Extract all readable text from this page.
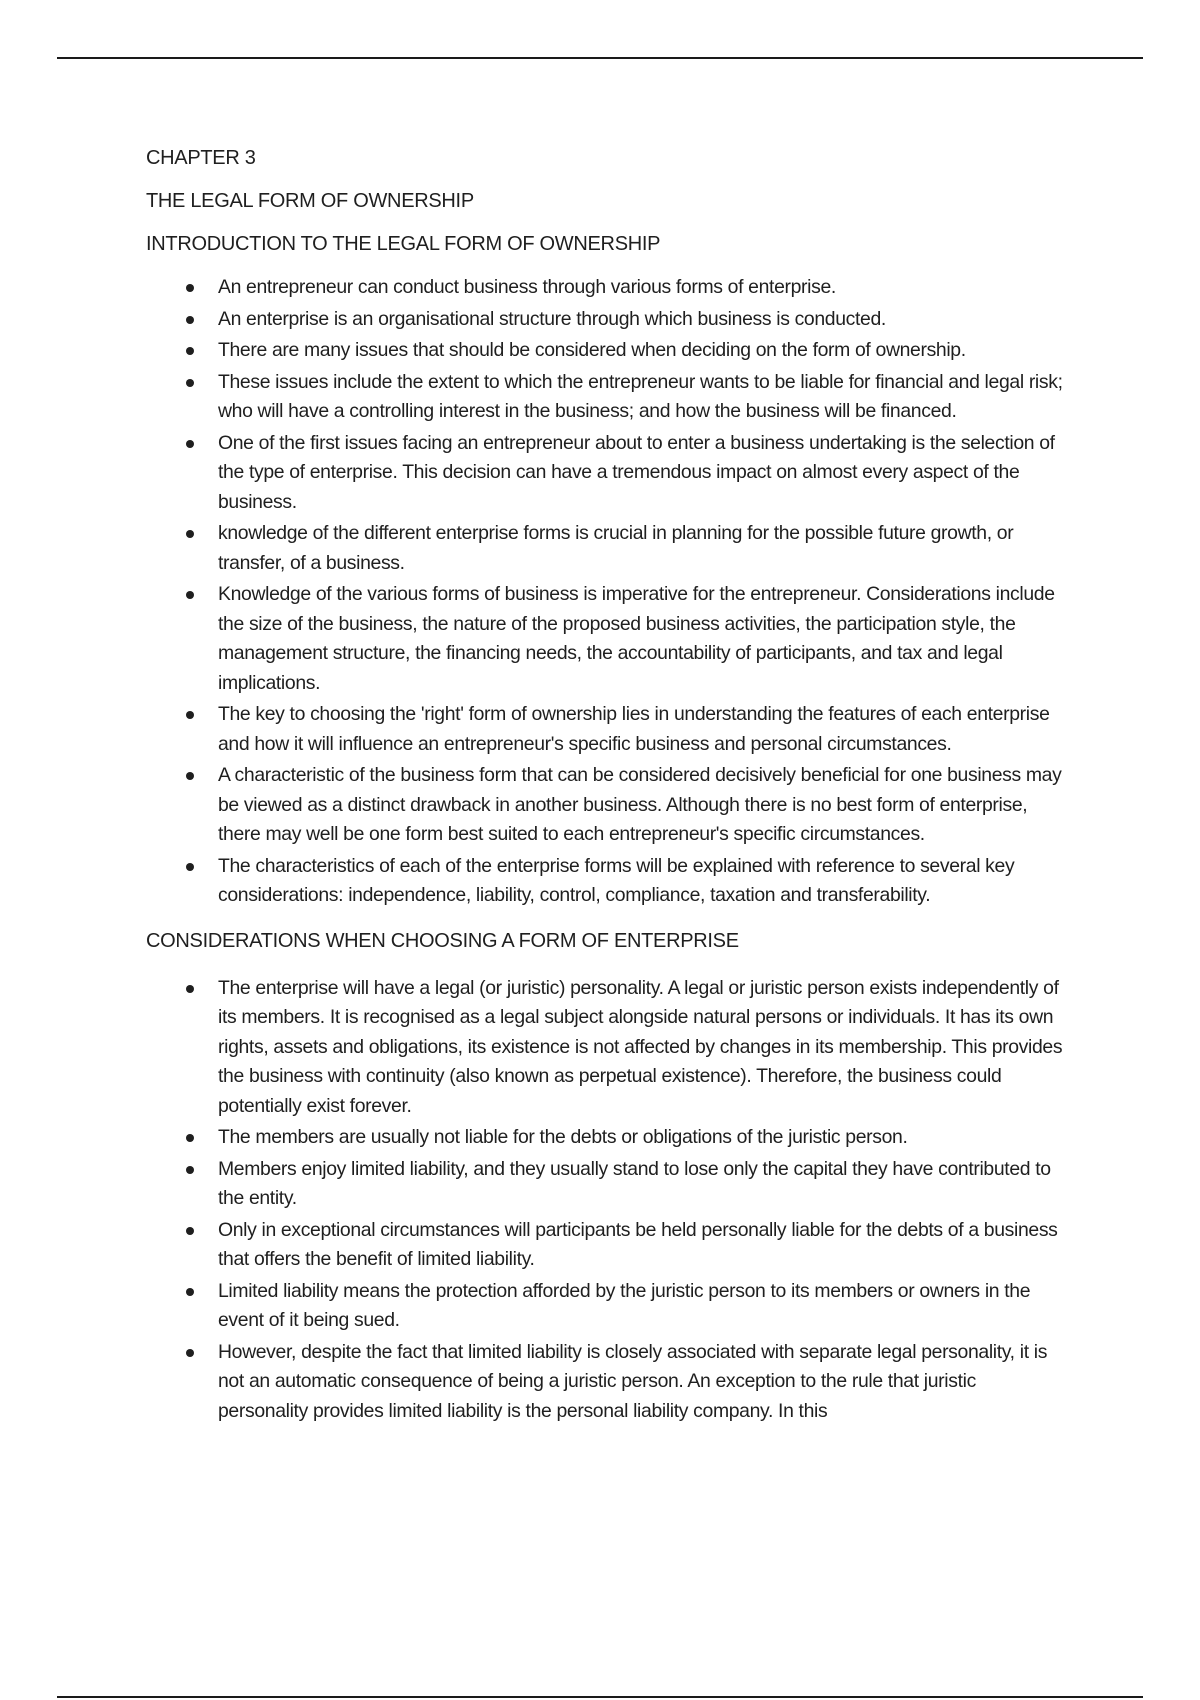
CHAPTER 3
THE LEGAL FORM OF OWNERSHIP
INTRODUCTION TO THE LEGAL FORM OF OWNERSHIP
An entrepreneur can conduct business through various forms of enterprise.
An enterprise is an organisational structure through which business is conducted.
There are many issues that should be considered when deciding on the form of ownership.
These issues include the extent to which the entrepreneur wants to be liable for financial and legal risk; who will have a controlling interest in the business; and how the business will be financed.
One of the first issues facing an entrepreneur about to enter a business undertaking is the selection of the type of enterprise. This decision can have a tremendous impact on almost every aspect of the business.
knowledge of the different enterprise forms is crucial in planning for the possible future growth, or transfer, of a business.
Knowledge of the various forms of business is imperative for the entrepreneur. Considerations include the size of the business, the nature of the proposed business activities, the participation style, the management structure, the financing needs, the accountability of participants, and tax and legal implications.
The key to choosing the 'right' form of ownership lies in understanding the features of each enterprise and how it will influence an entrepreneur's specific business and personal circumstances.
A characteristic of the business form that can be considered decisively beneficial for one business may be viewed as a distinct drawback in another business. Although there is no best form of enterprise, there may well be one form best suited to each entrepreneur's specific circumstances.
The characteristics of each of the enterprise forms will be explained with reference to several key considerations: independence, liability, control, compliance, taxation and transferability.
CONSIDERATIONS WHEN CHOOSING A FORM OF ENTERPRISE
The enterprise will have a legal (or juristic) personality. A legal or juristic person exists independently of its members. It is recognised as a legal subject alongside natural persons or individuals. It has its own rights, assets and obligations, its existence is not affected by changes in its membership. This provides the business with continuity (also known as perpetual existence). Therefore, the business could potentially exist forever.
The members are usually not liable for the debts or obligations of the juristic person.
Members enjoy limited liability, and they usually stand to lose only the capital they have contributed to the entity.
Only in exceptional circumstances will participants be held personally liable for the debts of a business that offers the benefit of limited liability.
Limited liability means the protection afforded by the juristic person to its members or owners in the event of it being sued.
However, despite the fact that limited liability is closely associated with separate legal personality, it is not an automatic consequence of being a juristic person. An exception to the rule that juristic personality provides limited liability is the personal liability company. In this
